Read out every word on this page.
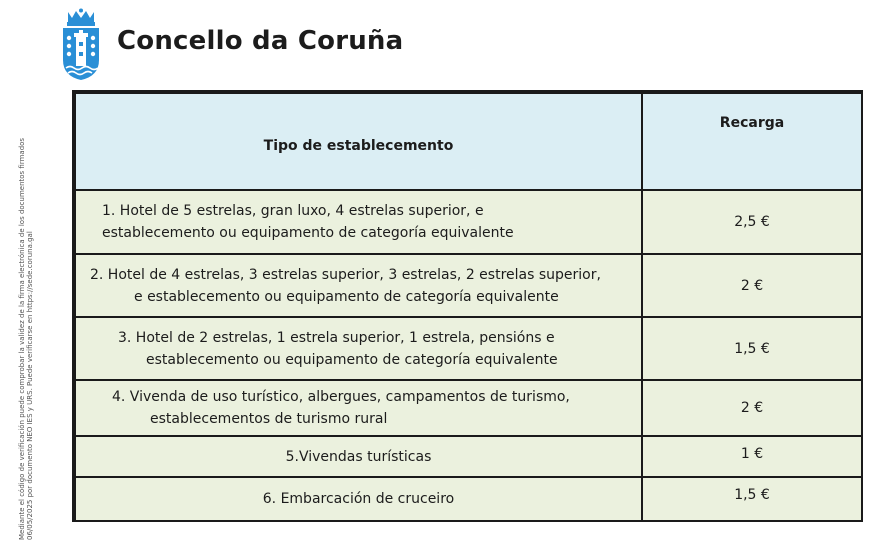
Mediante el código de verificación puede comprobar la validez de la firma electrónica de los documentos firmados 06/05/2025 por documento NEO IES y URS. Puede verificarse en https://sede.coruna.gal
Concello da Coruña
Tipo de establecemento	Recarga

1. Hotel de 5 estrelas, gran luxo, 4 estrelas superior, e
establecemento ou equipamento de categoría equivalente	2,5 €

2. Hotel de 4 estrelas, 3 estrelas superior, 3 estrelas, 2 estrelas superior,
e establecemento ou equipamento de categoría equivalente	2 €

3. Hotel de 2 estrelas, 1 estrela superior, 1 estrela, pensións e
establecemento ou equipamento de categoría equivalente	1,5 €

4. Vivenda de uso turístico, albergues, campamentos de turismo,
establecementos de turismo rural	2 €
5.Vivendas turísticas	1 €
6. Embarcación de cruceiro	1,5 €
